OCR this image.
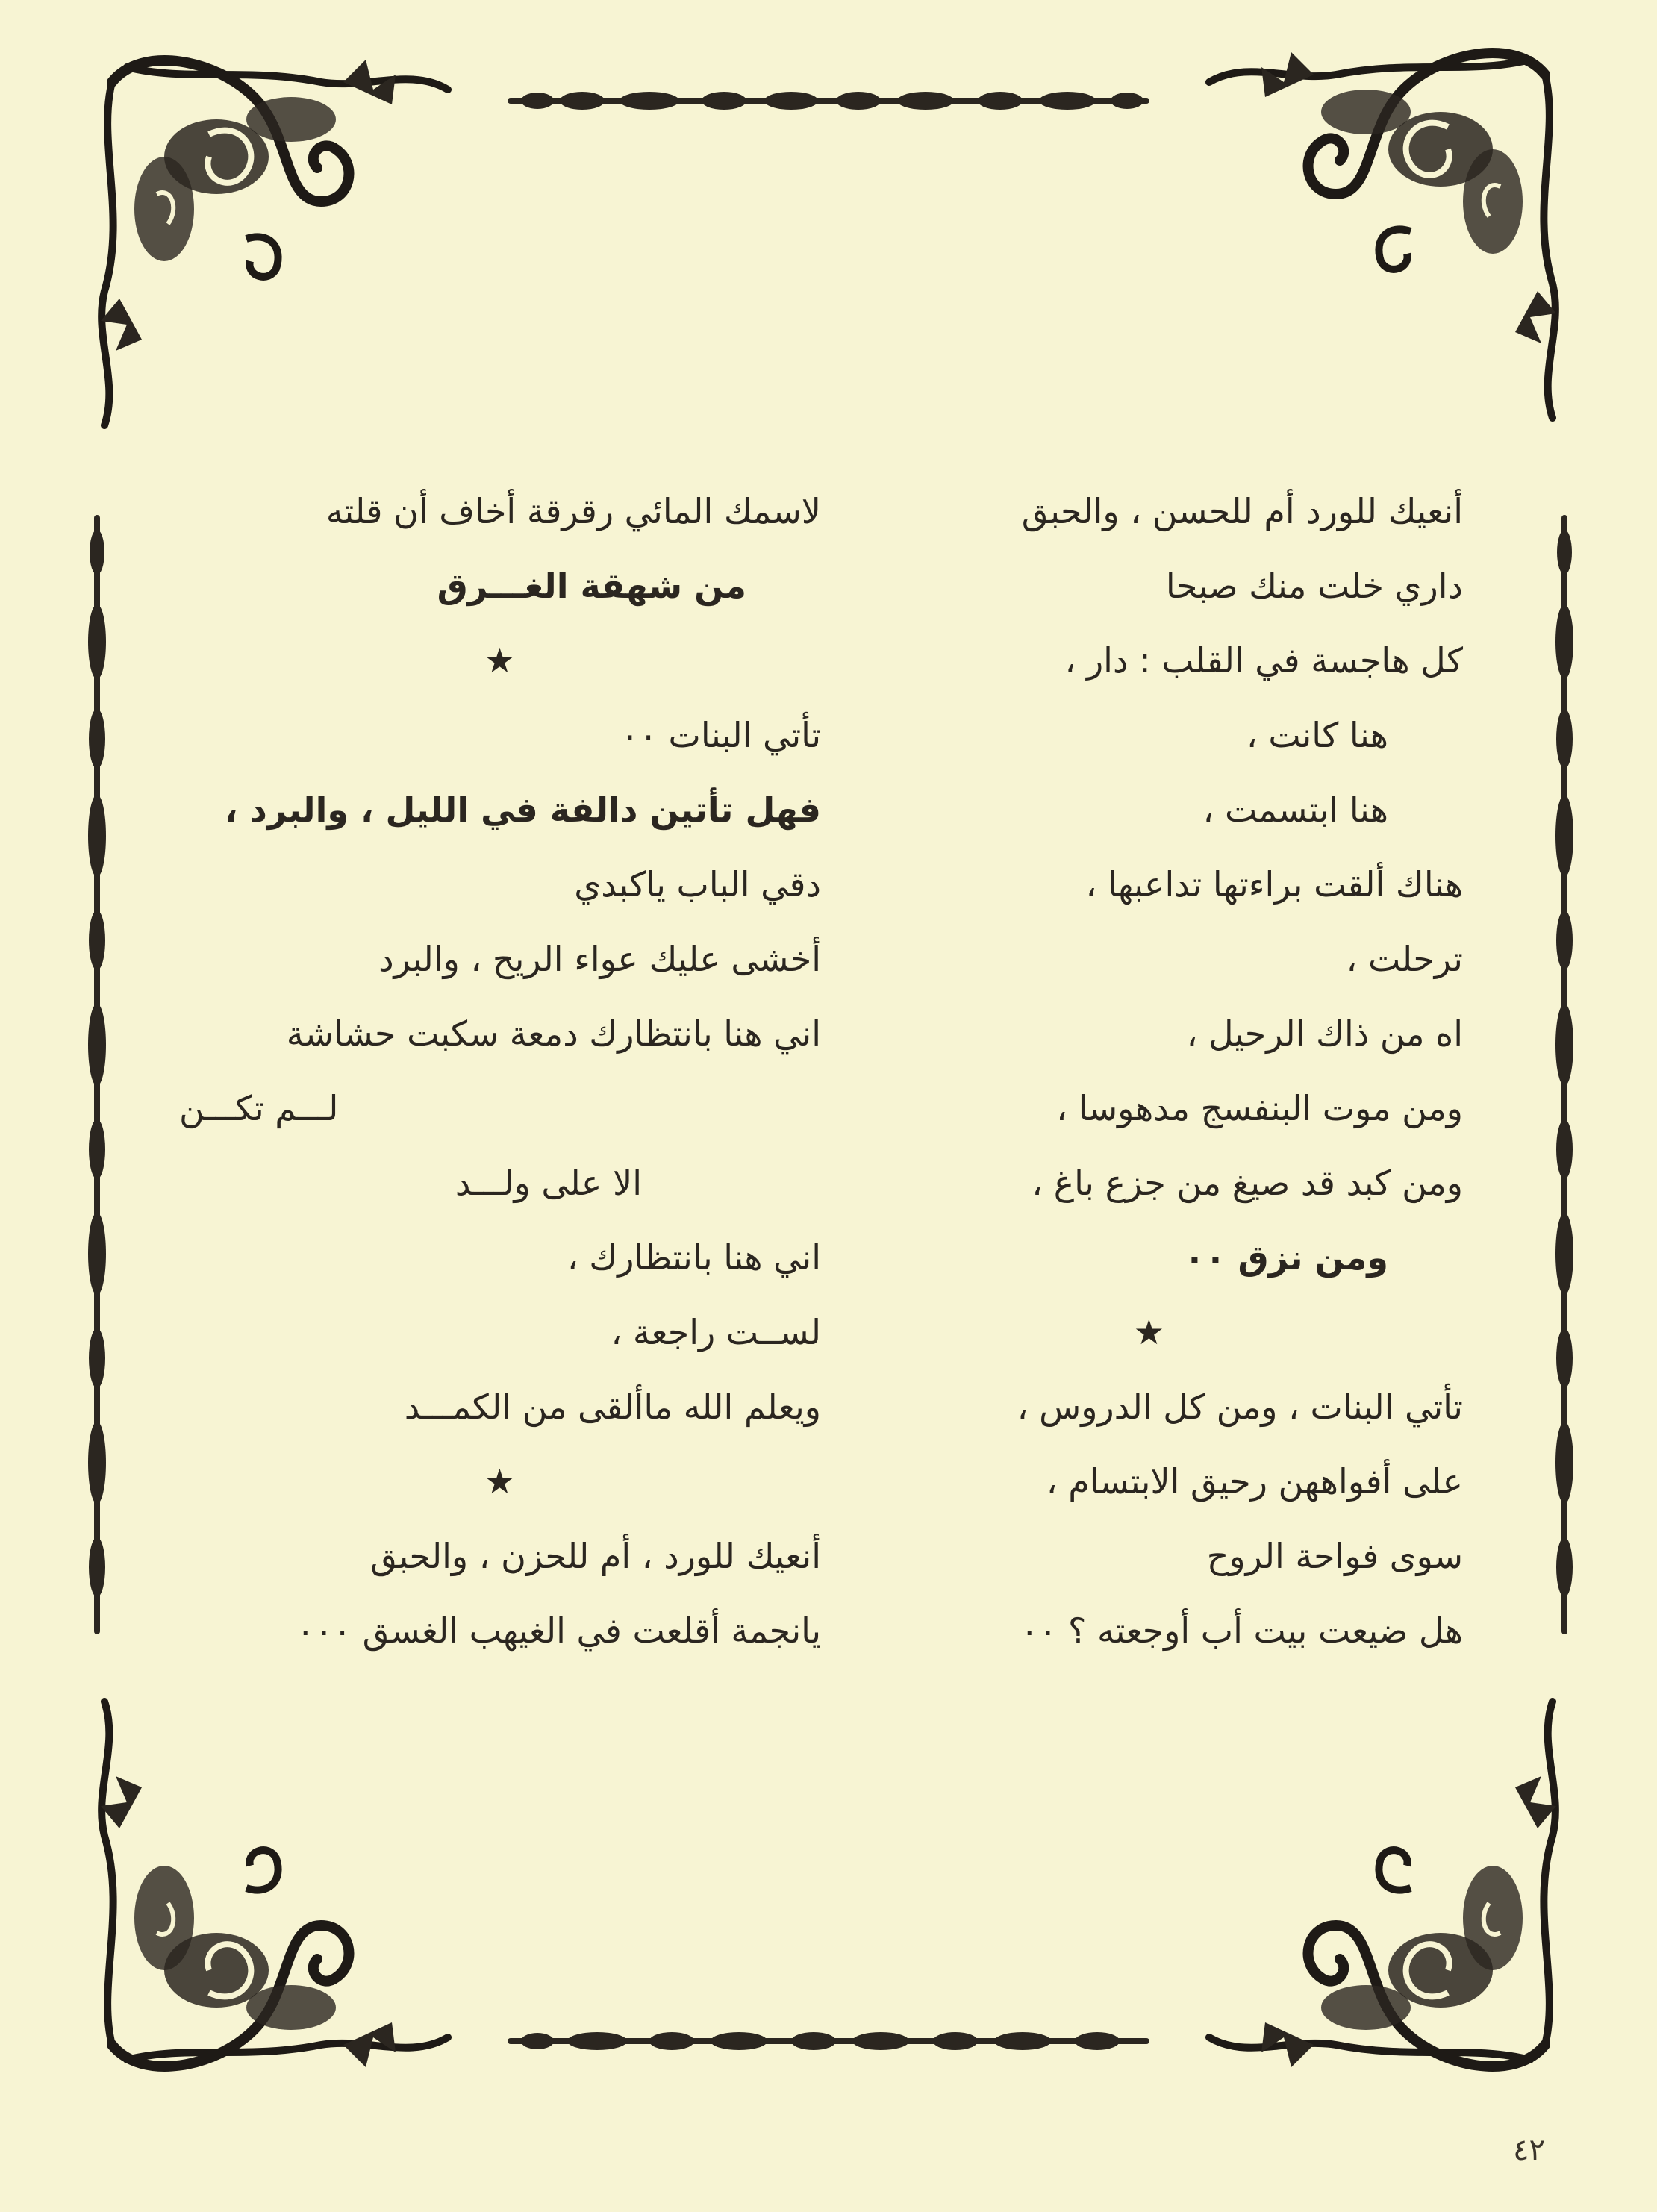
أنعيك للورد أم للحسن ، والحبق
داري خلت منك صبحا
كل هاجسة في القلب : دار ،
هنا كانت ،
هنا ابتسمت ،
هناك ألقت براءتها تداعبها ،
ترحلت ،
اه من ذاك الرحيل ،
ومن موت البنفسج مدهوسا ،
ومن كبد قد صيغ من جزع باغ ،
ومن نزق ٠٠
★
تأتي البنات ، ومن كل الدروس ،
على أفواههن رحيق الابتسام ،
سوى فواحة الروح
هل ضيعت بيت أب أوجعته ؟ ٠٠
لاسمك المائي رقرقة أخاف أن قلته
من شهقة الغـــرق
★
تأتي البنات ٠٠
فهل تأتين دالفة في الليل ، والبرد ،
دقي الباب ياكبدي
أخشى عليك عواء الريح ، والبرد
اني هنا بانتظارك دمعة سكبت حشاشة
لـــم تكـــن
الا على ولـــد
اني هنا بانتظارك ،
لســت راجعة ،
ويعلم الله ماألقى من الكمـــد
★
أنعيك للورد ، أم للحزن ، والحبق
يانجمة أقلعت في الغيهب الغسق ٠٠٠
٤٢
